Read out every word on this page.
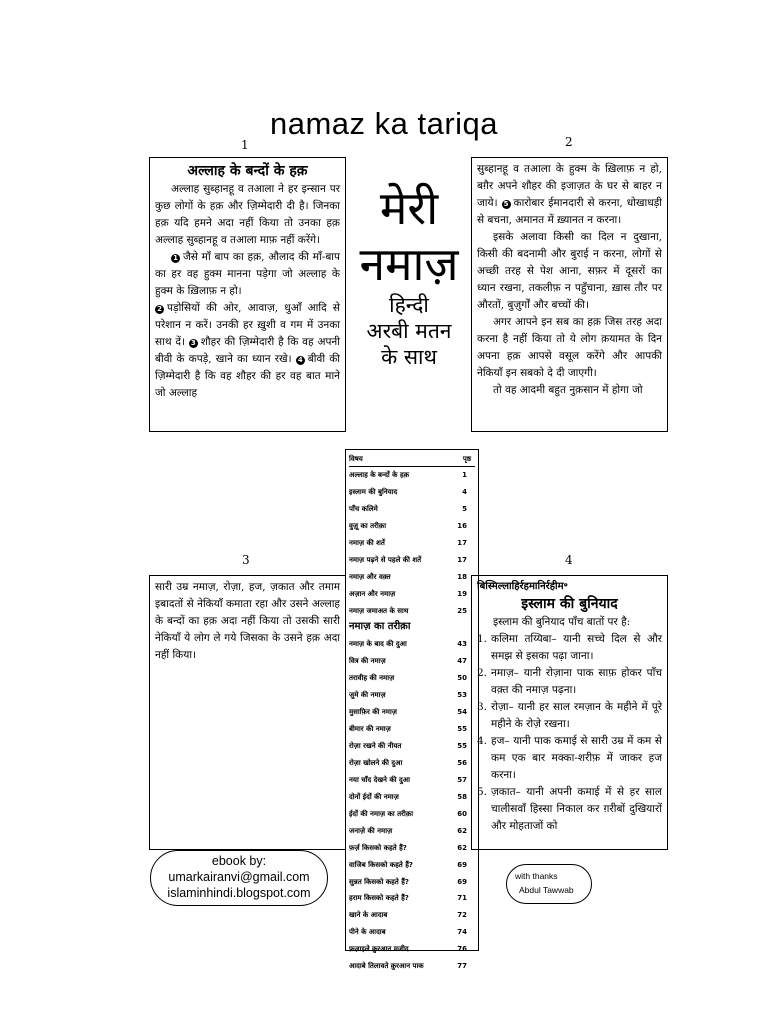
namaz ka tariqa
1	2
3	4
अल्लाह के बन्दों के हक़

अल्लाह सुब्हानहू व तआला ने हर इन्सान पर कुछ लोगों के हक़ और ज़िम्मेदारी दी है। जिनका हक़ यदि हमने अदा नहीं किया तो उनका हक़ अल्लाह सुब्हानहू व तआला माफ़ नहीं करेंगे।

1 जैसे माँ बाप का हक़, औलाद की माँ-बाप का हर वह हुक्म मानना पड़ेगा जो अल्लाह के हुक्म के ख़िलाफ़ न हो।

2 पड़ोसियों की ओर, आवाज़, धुआँ आदि से परेशान न करें। उनकी हर ख़ुशी व गम में उनका साथ दें। 3 शौहर की ज़िम्मेदारी है कि वह अपनी बीवी के कपड़े, खाने का ध्यान रखे। 4 बीवी की ज़िम्मेदारी है कि वह शौहर की हर वह बात माने जो अल्लाह

मेरी
नमाज़
हिन्दी
अरबी मतन
के साथ

सुब्हानहू व तआला के हुक्म के ख़िलाफ़ न हो, बग़ैर अपने शौहर की इजाज़त के घर से बाहर न जाये। 5 कारोबार ईमानदारी से करना, धोखाधड़ी से बचना, अमानत में ख़्यानत न करना।

इसके अलावा किसी का दिल न दुखाना, किसी की बदनामी और बुराई न करना, लोगों से अच्छी तरह से पेश आना, सफ़र में दूसरों का ध्यान रखना, तकलीफ़ न पहुँचाना, ख़ास तौर पर औरतों, बुज़ुर्गों और बच्चों की।

अगर आपने इन सब का हक़ जिस तरह अदा करना है नहीं किया तो ये लोग क़यामत के दिन अपना हक़ आपसे वसूल करेंगे और आपकी नेकियाँ इन सबको दे दी जाएगी।

तो वह आदमी बहुत नुक़सान में होगा जो

विषय	पृष्ठ
अल्लाह के बन्दों के हक़	1
इस्लाम की बुनियाद	4
पाँच कलिमे	5
वुज़ू का तरीक़ा	16
नमाज़ की शर्ते	17
नमाज़ पढ़ने से पहले की शर्ते	17
नमाज़ और वक़्त	18
अज़ान और नमाज़	19
नमाज़ जमाअत के साथ	25
नमाज़ का तरीक़ा
नमाज़ के बाद की दुआ	43
वित्र की नमाज़	47
तरावीह की नमाज़	50
जुमे की नमाज़	53
मुसाफ़िर की नमाज़	54
बीमार की नमाज़	55
रोज़ा रखने की नीयत	55
रोज़ा खोलने की दुआ	56
नया चाँद देखने की दुआ	57
दोनों ईदों की नमाज़	58
ईदों की नमाज़ का तरीक़ा	60
जनाज़े की नमाज़	62
फ़र्ज़ किसको कहते हैं?	62
वाजिब किसको कहते हैं?	69
सुन्नत किसको कहते हैं?	69
हराम किसको कहते हैं?	71
खाने के आदाब	72
पीने के आदाब	74
फ़ज़ाइले क़ुरआन मजीद	76
आदाबे तिलावते क़ुरआन पाक	77

सारी उम्र नमाज़, रोज़ा, हज, ज़कात और तमाम इबादतों से नेकियाँ कमाता रहा और उसने अल्लाह के बन्दों का हक़ अदा नहीं किया तो उसकी सारी नेकियाँ ये लोग ले गये जिसका के उसने हक़ अदा नहीं किया।

बिस्मिल्लाहिर्रहमानिर्रहीम॰
इस्लाम की बुनियाद

इस्लाम की बुनियाद पाँच बातों पर है:

1. कलिमा तय्यिबा– यानी सच्चे दिल से और समझ से इसका पढ़ा जाना।
2. नमाज़– यानी रोज़ाना पाक साफ़ होकर पाँच वक़्त की नमाज़ पढ़ना।
3. रोज़ा– यानी हर साल रमज़ान के महीने में पूरे महीने के रोज़े रखना।
4. हज– यानी पाक कमाई से सारी उम्र में कम से कम एक बार मक्का-शरीफ़ में जाकर हज करना।
5. ज़कात– यानी अपनी कमाई में से हर साल चालीसवाँ हिस्सा निकाल कर ग़रीबों दुखियारों और मोहताजों को
ebook by:
umarkairanvi@gmail.com
islaminhindi.blogspot.com
with thanks
Abdul Tawwab
